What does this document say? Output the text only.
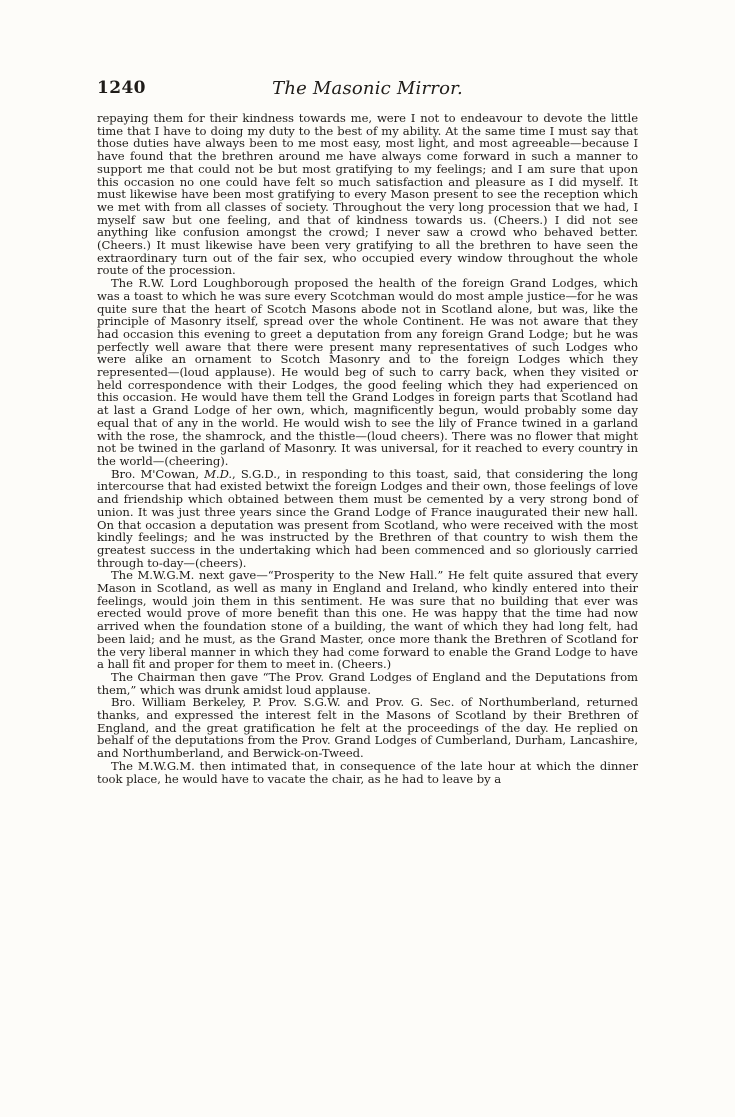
1240	The Masonic Mirror.

repaying them for their kindness towards me, were I not to endeavour to devote the little time that I have to doing my duty to the best of my ability. At the same time I must say that those duties have always been to me most easy, most light, and most agreeable—because I have found that the brethren around me have always come forward in such a manner to support me that could not be but most gratifying to my feelings; and I am sure that upon this occasion no one could have felt so much satisfaction and pleasure as I did myself. It must likewise have been most gratifying to every Mason present to see the reception which we met with from all classes of society. Throughout the very long procession that we had, I myself saw but one feeling, and that of kindness towards us. (Cheers.) I did not see anything like confusion amongst the crowd; I never saw a crowd who behaved better. (Cheers.) It must likewise have been very gratifying to all the brethren to have seen the extraordinary turn out of the fair sex, who occupied every window throughout the whole route of the procession.

The R.W. Lord Loughborough proposed the health of the foreign Grand Lodges, which was a toast to which he was sure every Scotchman would do most ample justice—for he was quite sure that the heart of Scotch Masons abode not in Scotland alone, but was, like the principle of Masonry itself, spread over the whole Continent. He was not aware that they had occasion this evening to greet a deputation from any foreign Grand Lodge; but he was perfectly well aware that there were present many representatives of such Lodges who were alike an ornament to Scotch Masonry and to the foreign Lodges which they represented—(loud applause). He would beg of such to carry back, when they visited or held correspondence with their Lodges, the good feeling which they had experienced on this occasion. He would have them tell the Grand Lodges in foreign parts that Scotland had at last a Grand Lodge of her own, which, magnificently begun, would probably some day equal that of any in the world. He would wish to see the lily of France twined in a garland with the rose, the shamrock, and the thistle—(loud cheers). There was no flower that might not be twined in the garland of Masonry. It was universal, for it reached to every country in the world—(cheering).

Bro. M'Cowan, M.D., S.G.D., in responding to this toast, said, that considering the long intercourse that had existed betwixt the foreign Lodges and their own, those feelings of love and friendship which obtained between them must be cemented by a very strong bond of union. It was just three years since the Grand Lodge of France inaugurated their new hall. On that occasion a deputation was present from Scotland, who were received with the most kindly feelings; and he was instructed by the Brethren of that country to wish them the greatest success in the undertaking which had been commenced and so gloriously carried through to-day—(cheers).

The M.W.G.M. next gave—“Prosperity to the New Hall.” He felt quite assured that every Mason in Scotland, as well as many in England and Ireland, who kindly entered into their feelings, would join them in this sentiment. He was sure that no building that ever was erected would prove of more benefit than this one. He was happy that the time had now arrived when the foundation stone of a building, the want of which they had long felt, had been laid; and he must, as the Grand Master, once more thank the Brethren of Scotland for the very liberal manner in which they had come forward to enable the Grand Lodge to have a hall fit and proper for them to meet in. (Cheers.)

The Chairman then gave “The Prov. Grand Lodges of England and the Deputations from them,” which was drunk amidst loud applause.

Bro. William Berkeley, P. Prov. S.G.W. and Prov. G. Sec. of Northumberland, returned thanks, and expressed the interest felt in the Masons of Scotland by their Brethren of England, and the great gratification he felt at the proceedings of the day. He replied on behalf of the deputations from the Prov. Grand Lodges of Cumberland, Durham, Lancashire, and Northumberland, and Berwick-on-Tweed.

The M.W.G.M. then intimated that, in consequence of the late hour at which the dinner took place, he would have to vacate the chair, as he had to leave by a
